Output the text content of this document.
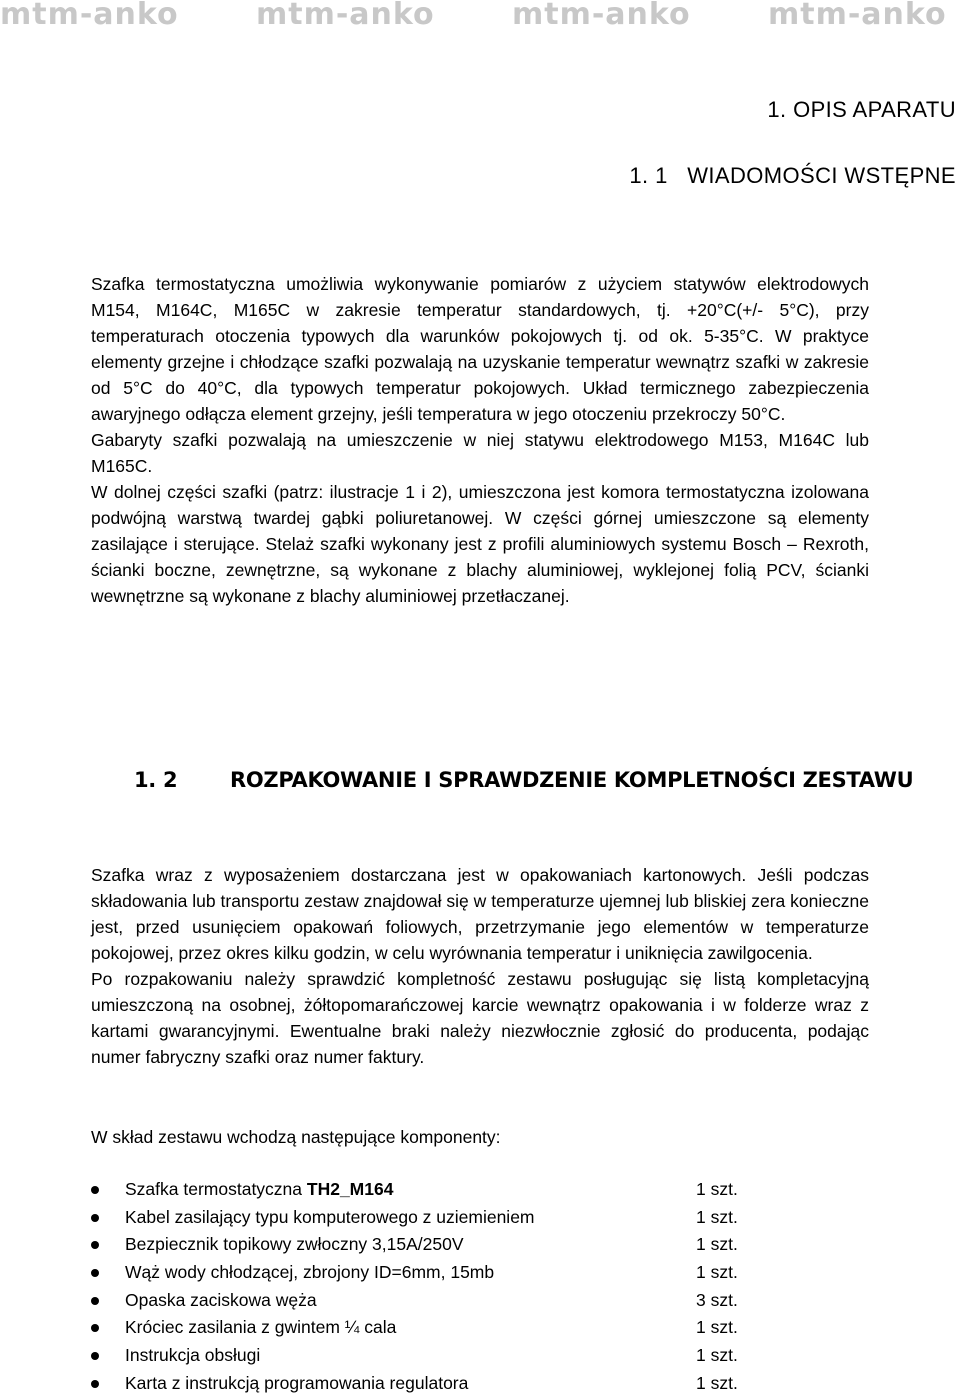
mtm-anko	mtm-anko	mtm-anko	mtm-anko
1. OPIS APARATU
1. 1   WIADOMOŚCI WSTĘPNE

Szafka termostatyczna umożliwia wykonywanie pomiarów z użyciem statywów elektrodowych M154, M164C, M165C w zakresie temperatur standardowych, tj. +20°C(+/- 5°C), przy temperaturach otoczenia typowych dla warunków pokojowych tj. od ok. 5-35°C. W praktyce elementy grzejne i chłodzące szafki pozwalają na uzyskanie temperatur wewnątrz szafki w zakresie od 5°C do 40°C, dla typowych temperatur pokojowych. Układ termicznego zabezpieczenia awaryjnego odłącza element grzejny, jeśli temperatura w jego otoczeniu przekroczy 50°C.

Gabaryty szafki pozwalają na umieszczenie w niej statywu elektrodowego M153, M164C lub M165C.

W dolnej części szafki (patrz: ilustracje 1 i 2), umieszczona jest komora termostatyczna izolowana podwójną warstwą twardej gąbki poliuretanowej. W części górnej umieszczone są elementy zasilające i sterujące. Stelaż szafki wykonany jest z profili aluminiowych systemu Bosch – Rexroth, ścianki boczne, zewnętrzne, są wykonane z blachy aluminiowej, wyklejonej folią PCV, ścianki wewnętrzne są wykonane z blachy aluminiowej przetłaczanej.

1. 2	ROZPAKOWANIE I SPRAWDZENIE KOMPLETNOŚCI ZESTAWU

Szafka wraz z wyposażeniem dostarczana jest w opakowaniach kartonowych. Jeśli podczas składowania lub transportu zestaw znajdował się w temperaturze ujemnej lub bliskiej zera konieczne jest, przed usunięciem opakowań foliowych, przetrzymanie jego elementów w temperaturze pokojowej, przez okres kilku godzin, w celu wyrównania temperatur i uniknięcia zawilgocenia.

Po rozpakowaniu należy sprawdzić kompletność zestawu posługując się listą kompletacyjną umieszczoną na osobnej, żółtopomarańczowej karcie wewnątrz opakowania i w folderze wraz z kartami gwarancyjnymi. Ewentualne braki należy niezwłocznie zgłosić do producenta, podając numer fabryczny szafki oraz numer faktury.

W skład zestawu wchodzą następujące komponenty:
Szafka termostatyczna TH2_M164	1 szt.
Kabel zasilający typu komputerowego z uziemieniem	1 szt.
Bezpiecznik topikowy zwłoczny 3,15A/250V	1 szt.
Wąż wody chłodzącej, zbrojony ID=6mm, 15mb	1 szt.
Opaska zaciskowa węża	3 szt.
Króciec zasilania z gwintem ¼ cala	1 szt.
Instrukcja obsługi	1 szt.
Karta z instrukcją programowania regulatora	1 szt.
